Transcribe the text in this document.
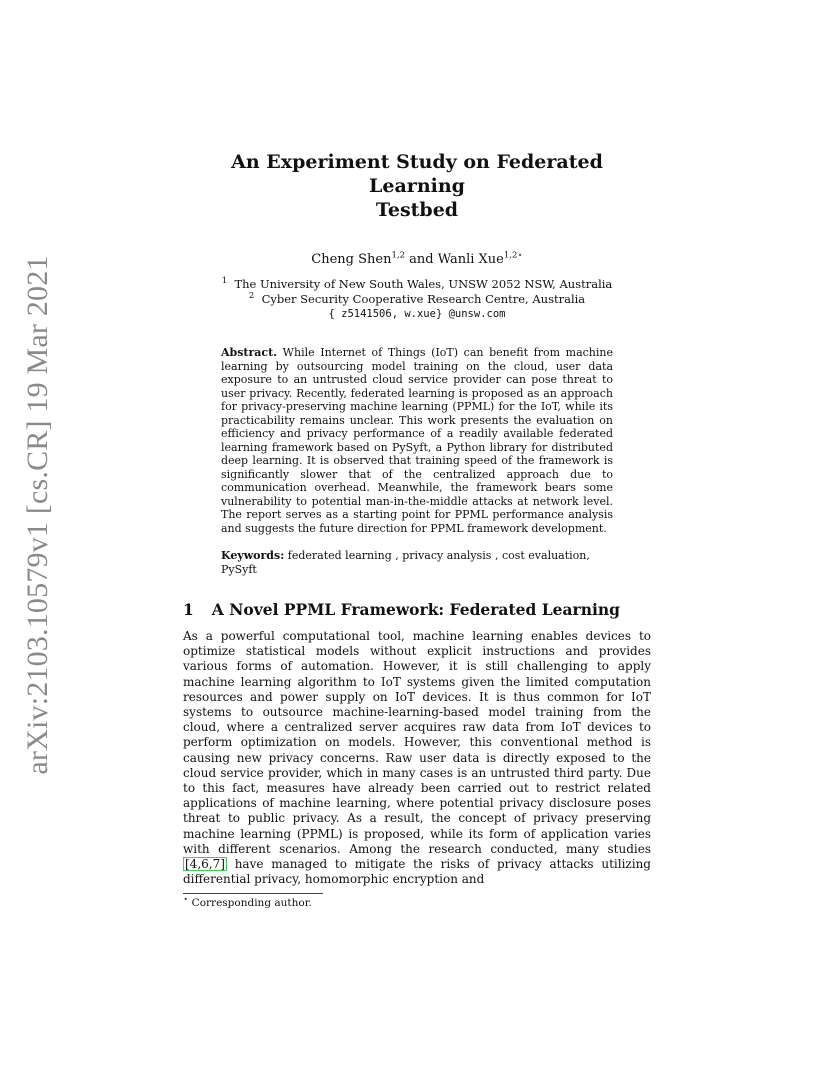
arXiv:2103.10579v1 [cs.CR] 19 Mar 2021
An Experiment Study on Federated Learning
Testbed
Cheng Shen$^{1,2}$ and Wanli Xue$^{1,2⋆}$
$^1$ The University of New South Wales, UNSW 2052 NSW, Australia
$^2$ Cyber Security Cooperative Research Centre, Australia
{ z5141506, w.xue} @unsw.com
Abstract. While Internet of Things (IoT) can benefit from machine learning by outsourcing model training on the cloud, user data exposure to an untrusted cloud service provider can pose threat to user privacy. Recently, federated learning is proposed as an approach for privacy-preserving machine learning (PPML) for the IoT, while its practicability remains unclear. This work presents the evaluation on efficiency and privacy performance of a readily available federated learning framework based on PySyft, a Python library for distributed deep learning. It is observed that training speed of the framework is significantly slower that of the centralized approach due to communication overhead. Meanwhile, the framework bears some vulnerability to potential man-in-the-middle attacks at network level. The report serves as a starting point for PPML performance analysis and suggests the future direction for PPML framework development.
Keywords: federated learning , privacy analysis , cost evaluation, PySyft
1 A Novel PPML Framework: Federated Learning

As a powerful computational tool, machine learning enables devices to optimize statistical models without explicit instructions and provides various forms of automation. However, it is still challenging to apply machine learning algorithm to IoT systems given the limited computation resources and power supply on IoT devices. It is thus common for IoT systems to outsource machine-learning-based model training from the cloud, where a centralized server acquires raw data from IoT devices to perform optimization on models. However, this conventional method is causing new privacy concerns. Raw user data is directly exposed to the cloud service provider, which in many cases is an untrusted third party. Due to this fact, measures have already been carried out to restrict related applications of machine learning, where potential privacy disclosure poses threat to public privacy. As a result, the concept of privacy preserving machine learning (PPML) is proposed, while its form of application varies with different scenarios. Among the research conducted, many studies [4,6,7] have managed to mitigate the risks of privacy attacks utilizing differential privacy, homomorphic encryption and

⋆ Corresponding author.
